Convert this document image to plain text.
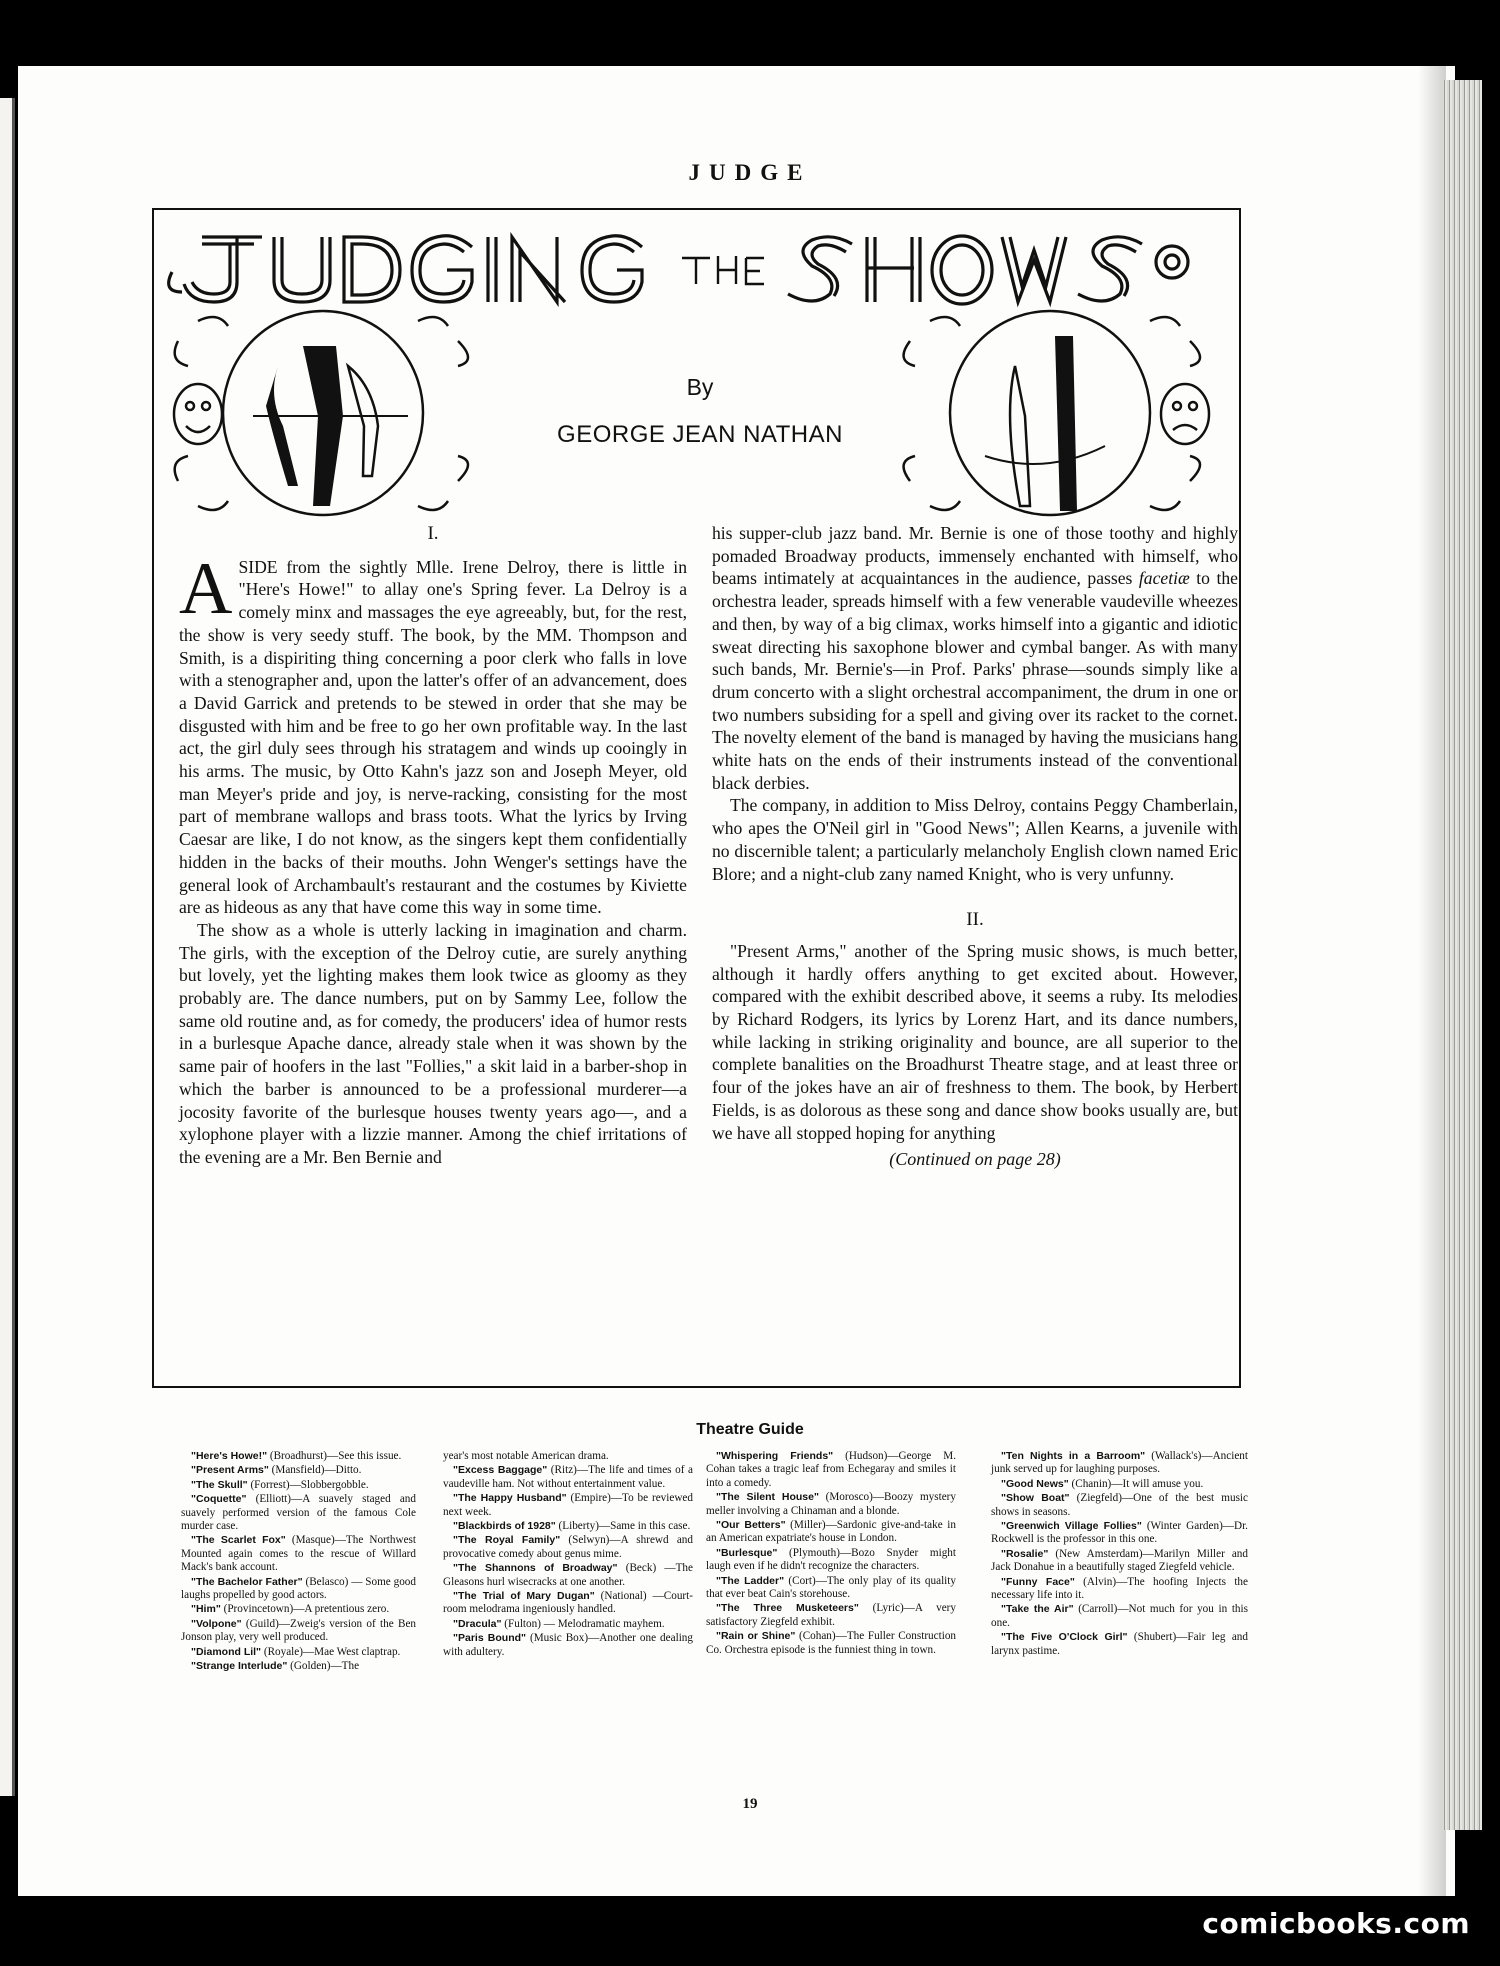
JUDGE
By
GEORGE JEAN NATHAN
I.

ASIDE from the sightly Mlle. Irene Delroy, there is little in "Here's Howe!" to allay one's Spring fever. La Delroy is a comely minx and massages the eye agreeably, but, for the rest, the show is very seedy stuff. The book, by the MM. Thompson and Smith, is a dispiriting thing concerning a poor clerk who falls in love with a stenographer and, upon the latter's offer of an advancement, does a David Garrick and pretends to be stewed in order that she may be disgusted with him and be free to go her own profitable way. In the last act, the girl duly sees through his stratagem and winds up cooingly in his arms. The music, by Otto Kahn's jazz son and Joseph Meyer, old man Meyer's pride and joy, is nerve-racking, consisting for the most part of membrane wallops and brass toots. What the lyrics by Irving Caesar are like, I do not know, as the singers kept them confidentially hidden in the backs of their mouths. John Wenger's settings have the general look of Archambault's restaurant and the costumes by Kiviette are as hideous as any that have come this way in some time.

The show as a whole is utterly lacking in imagination and charm. The girls, with the exception of the Delroy cutie, are surely anything but lovely, yet the lighting makes them look twice as gloomy as they probably are. The dance numbers, put on by Sammy Lee, follow the same old routine and, as for comedy, the producers' idea of humor rests in a burlesque Apache dance, already stale when it was shown by the same pair of hoofers in the last "Follies," a skit laid in a barber-shop in which the barber is announced to be a professional murderer—a jocosity favorite of the burlesque houses twenty years ago—, and a xylophone player with a lizzie manner. Among the chief irritations of the evening are a Mr. Ben Bernie and

his supper-club jazz band. Mr. Bernie is one of those toothy and highly pomaded Broadway products, immensely enchanted with himself, who beams intimately at acquaintances in the audience, passes facetiæ to the orchestra leader, spreads himself with a few venerable vaudeville wheezes and then, by way of a big climax, works himself into a gigantic and idiotic sweat directing his saxophone blower and cymbal banger. As with many such bands, Mr. Bernie's—in Prof. Parks' phrase—sounds simply like a drum concerto with a slight orchestral accompaniment, the drum in one or two numbers subsiding for a spell and giving over its racket to the cornet. The novelty element of the band is managed by having the musicians hang white hats on the ends of their instruments instead of the conventional black derbies.

The company, in addition to Miss Delroy, contains Peggy Chamberlain, who apes the O'Neil girl in "Good News"; Allen Kearns, a juvenile with no discernible talent; a particularly melancholy English clown named Eric Blore; and a night-club zany named Knight, who is very unfunny.

II.

"Present Arms," another of the Spring music shows, is much better, although it hardly offers anything to get excited about. However, compared with the exhibit described above, it seems a ruby. Its melodies by Richard Rodgers, its lyrics by Lorenz Hart, and its dance numbers, while lacking in striking originality and bounce, are all superior to the complete banalities on the Broadhurst Theatre stage, and at least three or four of the jokes have an air of freshness to them. The book, by Herbert Fields, is as dolorous as these song and dance show books usually are, but we have all stopped hoping for anything

(Continued on page 28)
Theatre Guide

"Here's Howe!" (Broadhurst)—See this issue.

"Present Arms" (Mansfield)—Ditto.

"The Skull" (Forrest)—Slobbergobble.

"Coquette" (Elliott)—A suavely staged and suavely performed version of the famous Cole murder case.

"The Scarlet Fox" (Masque)—The Northwest Mounted again comes to the rescue of Willard Mack's bank account.

"The Bachelor Father" (Belasco) — Some good laughs propelled by good actors.

"Him" (Provincetown)—A pretentious zero.

"Volpone" (Guild)—Zweig's version of the Ben Jonson play, very well produced.

"Diamond Lil" (Royale)—Mae West claptrap.

"Strange Interlude" (Golden)—The

year's most notable American drama.

"Excess Baggage" (Ritz)—The life and times of a vaudeville ham. Not without entertainment value.

"The Happy Husband" (Empire)—To be reviewed next week.

"Blackbirds of 1928" (Liberty)—Same in this case.

"The Royal Family" (Selwyn)—A shrewd and provocative comedy about genus mime.

"The Shannons of Broadway" (Beck) —The Gleasons hurl wisecracks at one another.

"The Trial of Mary Dugan" (National) —Court-room melodrama ingeniously handled.

"Dracula" (Fulton) — Melodramatic mayhem.

"Paris Bound" (Music Box)—Another one dealing with adultery.

"Whispering Friends" (Hudson)—George M. Cohan takes a tragic leaf from Echegaray and smiles it into a comedy.

"The Silent House" (Morosco)—Boozy mystery meller involving a Chinaman and a blonde.

"Our Betters" (Miller)—Sardonic give-and-take in an American expatriate's house in London.

"Burlesque" (Plymouth)—Bozo Snyder might laugh even if he didn't recognize the characters.

"The Ladder" (Cort)—The only play of its quality that ever beat Cain's storehouse.

"The Three Musketeers" (Lyric)—A very satisfactory Ziegfeld exhibit.

"Rain or Shine" (Cohan)—The Fuller Construction Co. Orchestra episode is the funniest thing in town.

"Ten Nights in a Barroom" (Wallack's)—Ancient junk served up for laughing purposes.

"Good News" (Chanin)—It will amuse you.

"Show Boat" (Ziegfeld)—One of the best music shows in seasons.

"Greenwich Village Follies" (Winter Garden)—Dr. Rockwell is the professor in this one.

"Rosalie" (New Amsterdam)—Marilyn Miller and Jack Donahue in a beautifully staged Ziegfeld vehicle.

"Funny Face" (Alvin)—The hoofing Injects the necessary life into it.

"Take the Air" (Carroll)—Not much for you in this one.

"The Five O'Clock Girl" (Shubert)—Fair leg and larynx pastime.

19
comicbooks.com
